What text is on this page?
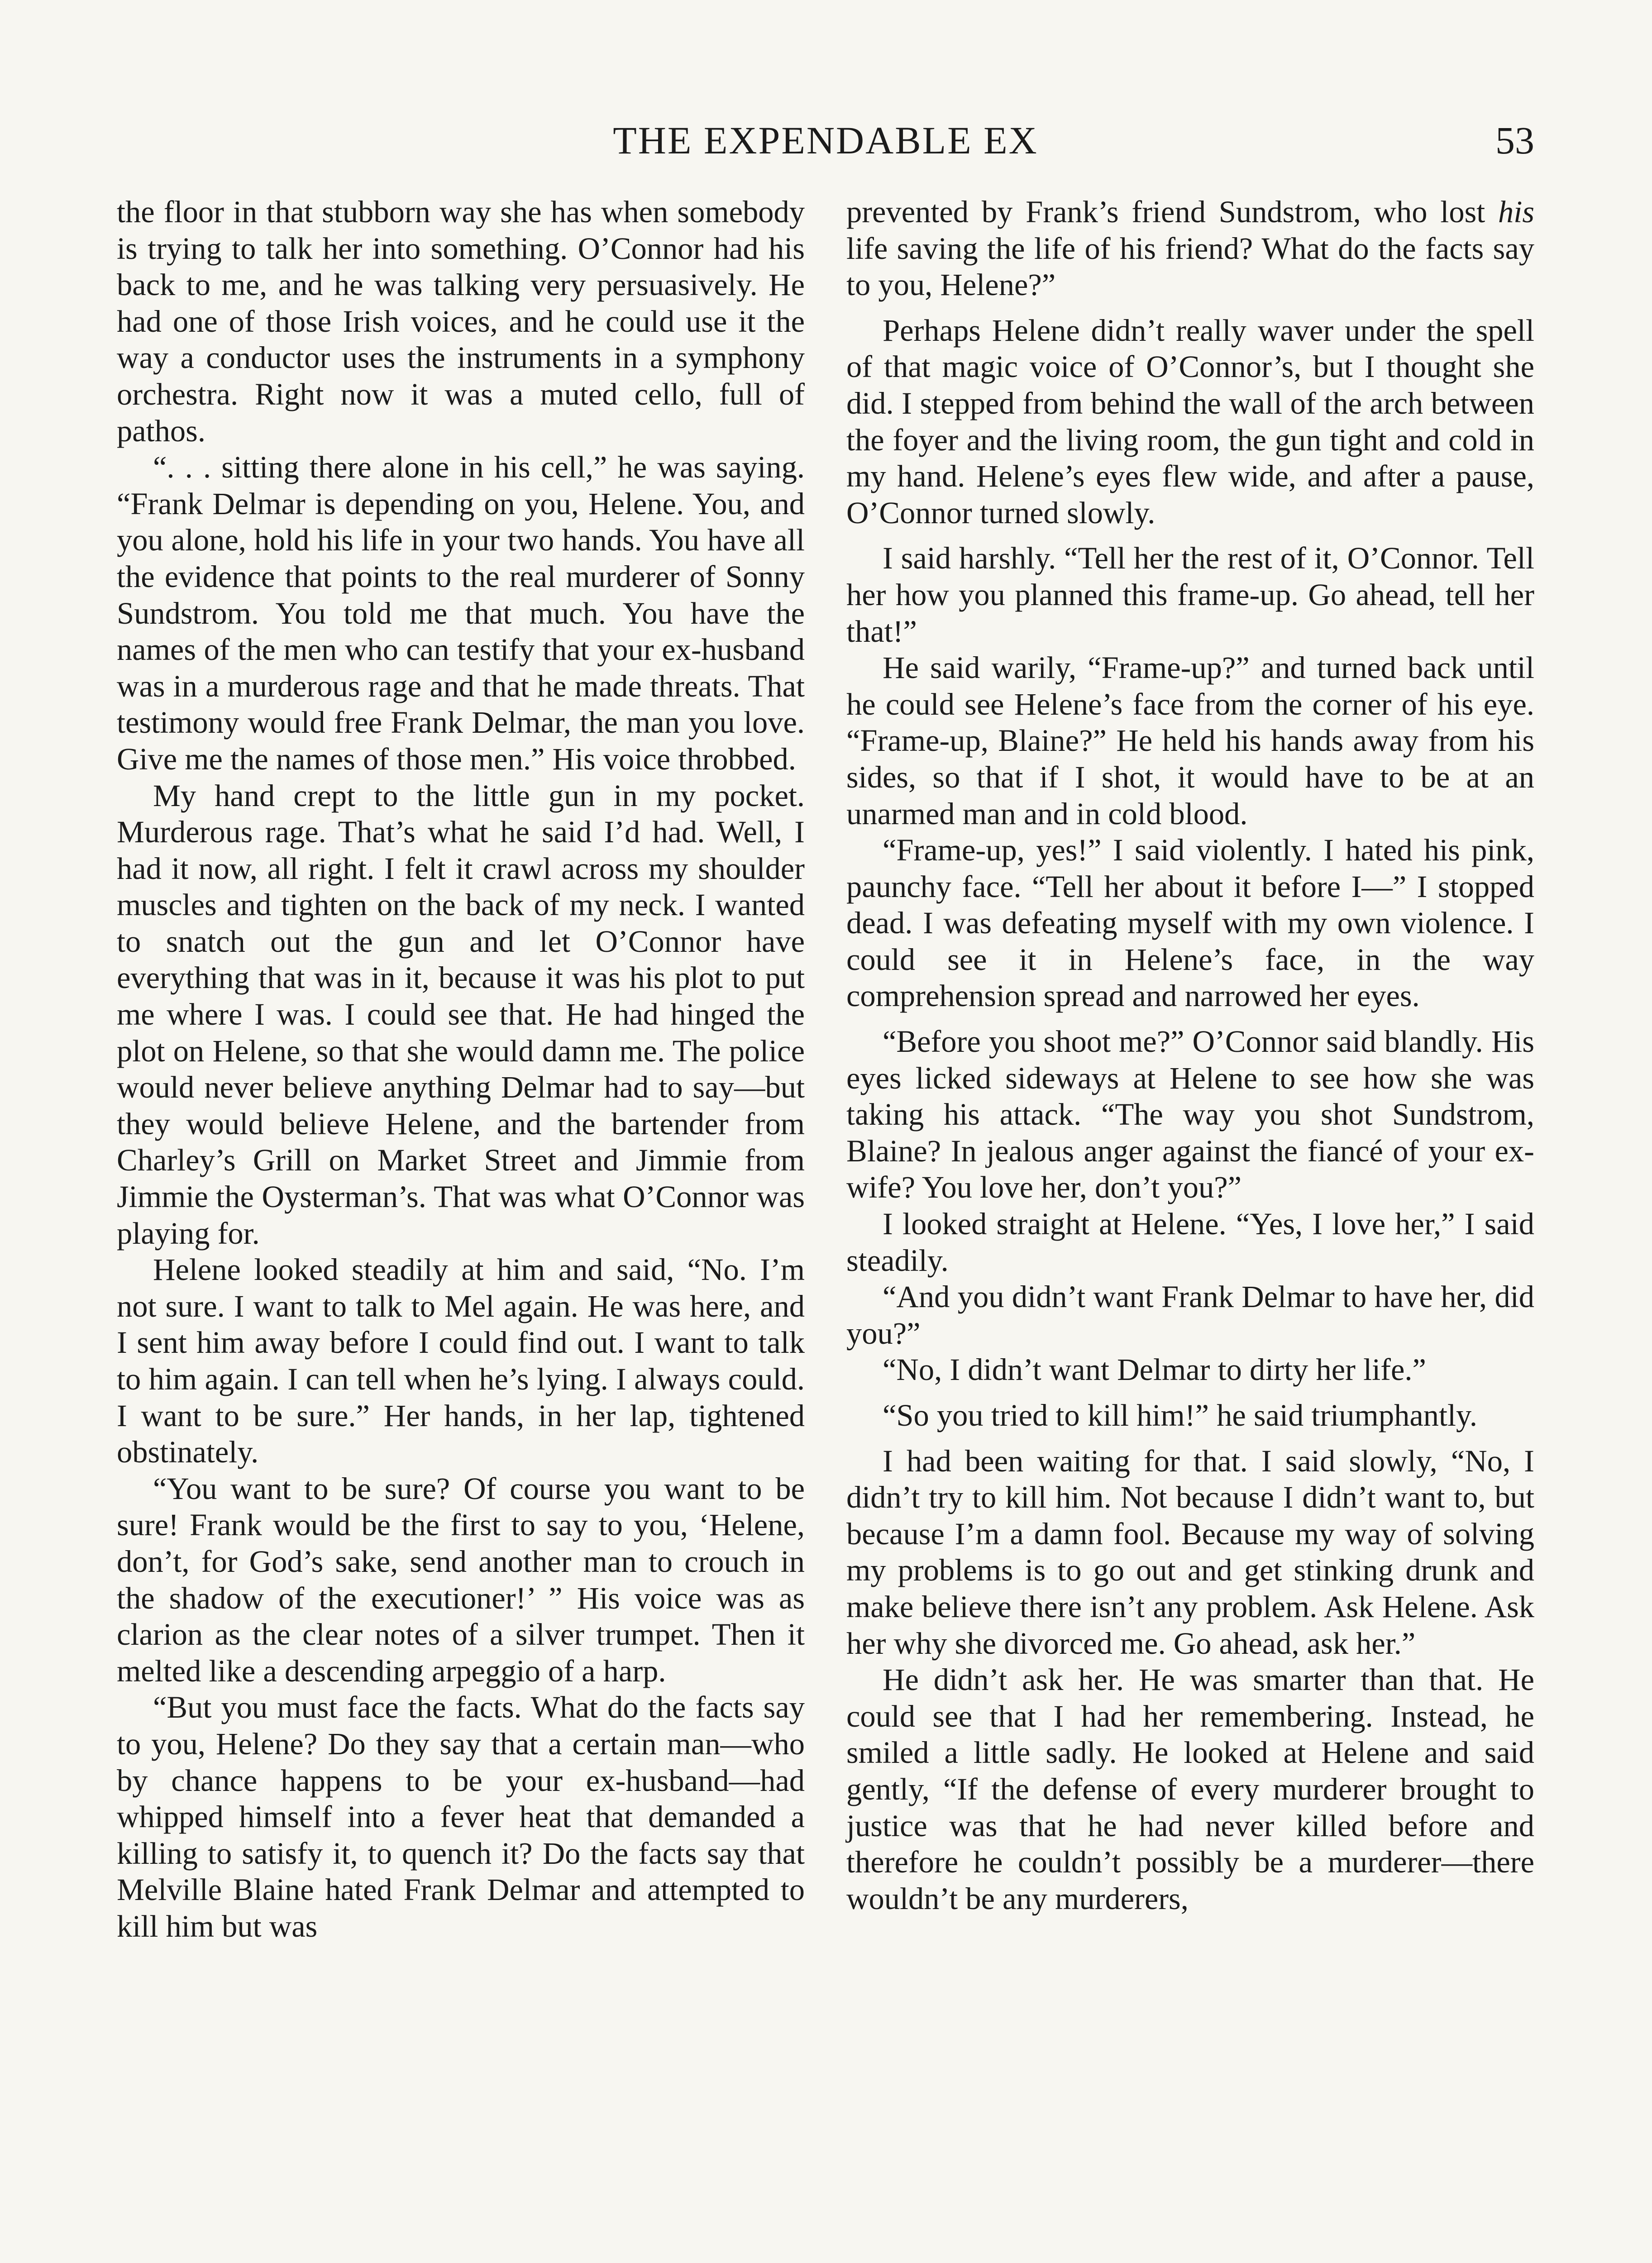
THE EXPENDABLE EX	53

the floor in that stubborn way she has when somebody is trying to talk her into something. O’Connor had his back to me, and he was talking very persuasively. He had one of those Irish voices, and he could use it the way a conductor uses the instruments in a symphony orchestra. Right now it was a muted cello, full of pathos.

“. . . sitting there alone in his cell,” he was saying. “Frank Delmar is depending on you, Helene. You, and you alone, hold his life in your two hands. You have all the evidence that points to the real murderer of Sonny Sundstrom. You told me that much. You have the names of the men who can testify that your ex-husband was in a murderous rage and that he made threats. That testimony would free Frank Delmar, the man you love. Give me the names of those men.” His voice throbbed.

My hand crept to the little gun in my pocket. Murderous rage. That’s what he said I’d had. Well, I had it now, all right. I felt it crawl across my shoulder muscles and tighten on the back of my neck. I wanted to snatch out the gun and let O’Connor have everything that was in it, because it was his plot to put me where I was. I could see that. He had hinged the plot on Helene, so that she would damn me. The police would never believe anything Delmar had to say—but they would believe Helene, and the bartender from Charley’s Grill on Market Street and Jimmie from Jimmie the Oysterman’s. That was what O’Connor was playing for.

Helene looked steadily at him and said, “No. I’m not sure. I want to talk to Mel again. He was here, and I sent him away before I could find out. I want to talk to him again. I can tell when he’s lying. I always could. I want to be sure.” Her hands, in her lap, tightened obstinately.

“You want to be sure? Of course you want to be sure! Frank would be the first to say to you, ‘Helene, don’t, for God’s sake, send another man to crouch in the shadow of the executioner!’ ” His voice was as clarion as the clear notes of a silver trumpet. Then it melted like a descending arpeggio of a harp.

“But you must face the facts. What do the facts say to you, Helene? Do they say that a certain man—who by chance happens to be your ex-husband—had whipped himself into a fever heat that demanded a killing to satisfy it, to quench it? Do the facts say that Melville Blaine hated Frank Delmar and attempted to kill him but was

prevented by Frank’s friend Sundstrom, who lost his life saving the life of his friend? What do the facts say to you, Helene?”

Perhaps Helene didn’t really waver under the spell of that magic voice of O’Connor’s, but I thought she did. I stepped from behind the wall of the arch between the foyer and the living room, the gun tight and cold in my hand. Helene’s eyes flew wide, and after a pause, O’Connor turned slowly.

I said harshly. “Tell her the rest of it, O’Connor. Tell her how you planned this frame-up. Go ahead, tell her that!”

He said warily, “Frame-up?” and turned back until he could see Helene’s face from the corner of his eye. “Frame-up, Blaine?” He held his hands away from his sides, so that if I shot, it would have to be at an unarmed man and in cold blood.

“Frame-up, yes!” I said violently. I hated his pink, paunchy face. “Tell her about it before I—” I stopped dead. I was defeating myself with my own violence. I could see it in Helene’s face, in the way comprehension spread and narrowed her eyes.

“Before you shoot me?” O’Connor said blandly. His eyes licked sideways at Helene to see how she was taking his attack. “The way you shot Sundstrom, Blaine? In jealous anger against the fiancé of your ex-wife? You love her, don’t you?”

I looked straight at Helene. “Yes, I love her,” I said steadily.

“And you didn’t want Frank Delmar to have her, did you?”

“No, I didn’t want Delmar to dirty her life.”

“So you tried to kill him!” he said triumphantly.

I had been waiting for that. I said slowly, “No, I didn’t try to kill him. Not because I didn’t want to, but because I’m a damn fool. Because my way of solving my problems is to go out and get stinking drunk and make believe there isn’t any problem. Ask Helene. Ask her why she divorced me. Go ahead, ask her.”

He didn’t ask her. He was smarter than that. He could see that I had her remembering. Instead, he smiled a little sadly. He looked at Helene and said gently, “If the defense of every murderer brought to justice was that he had never killed before and therefore he couldn’t possibly be a murderer—there wouldn’t be any murderers,
